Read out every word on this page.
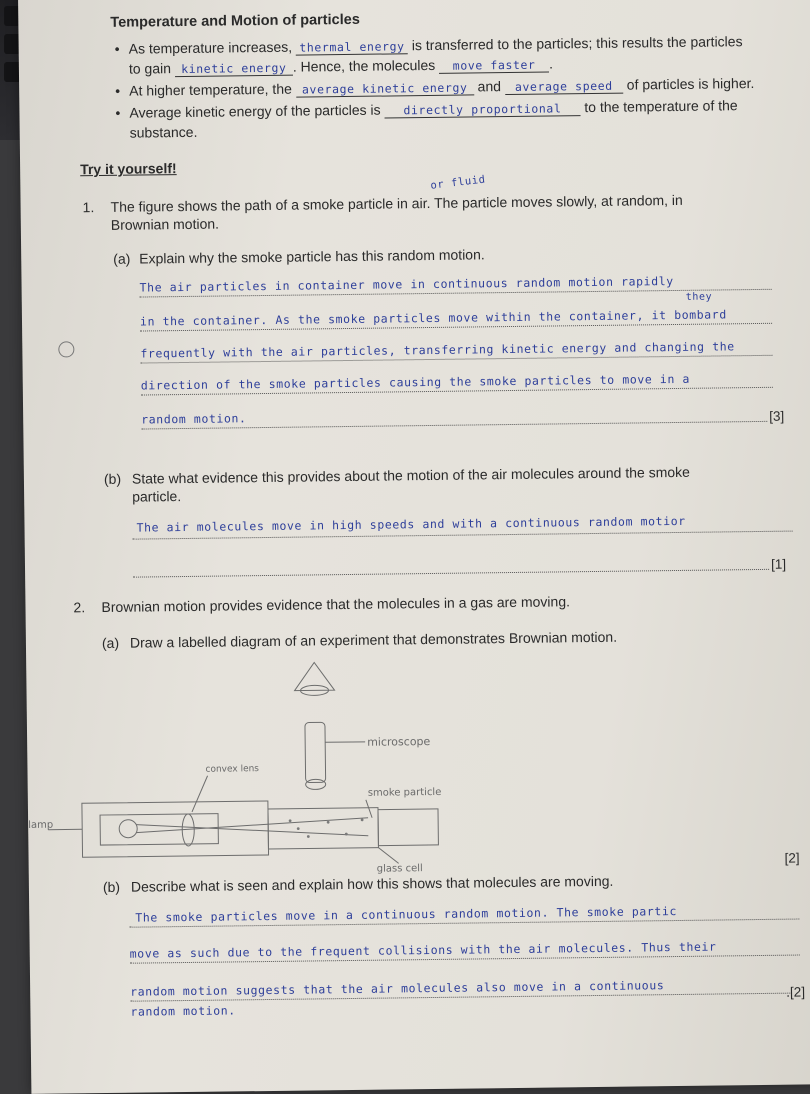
Temperature and Motion of particles
• As temperature increases, thermal energy is transferred to the particles; this results the particles
to gain kinetic energy . Hence, the molecules move faster .
• At higher temperature, the average kinetic energy and average speed of particles is higher.
• Average kinetic energy of the particles is directly proportional to the temperature of the
substance.
Try it yourself!
or fluid
1. The figure shows the path of a smoke particle in air. The particle moves slowly, at random, in
Brownian motion.
(a) Explain why the smoke particle has this random motion.
The air particles in container move in continuous random motion rapidly
they
in the container. As the smoke particles move within the container, it bombard
frequently with the air particles, transferring kinetic energy and changing the
direction of the smoke particles causing the smoke particles to move in a
random motion.	[3]
(b) State what evidence this provides about the motion of the air molecules around the smoke
particle.
The air molecules move in high speeds and with a continuous random motior
[1]
2. Brownian motion provides evidence that the molecules in a gas are moving.
(a) Draw a labelled diagram of an experiment that demonstrates Brownian motion.
microscope
convex lens
smoke particle
lamp
glass cell
[2]
(b) Describe what is seen and explain how this shows that molecules are moving.
The smoke particles move in a continuous random motion. The smoke partic
move as such due to the frequent collisions with the air molecules. Thus their
random motion suggests that the air molecules also move in a continuous
random motion.
.[2]
